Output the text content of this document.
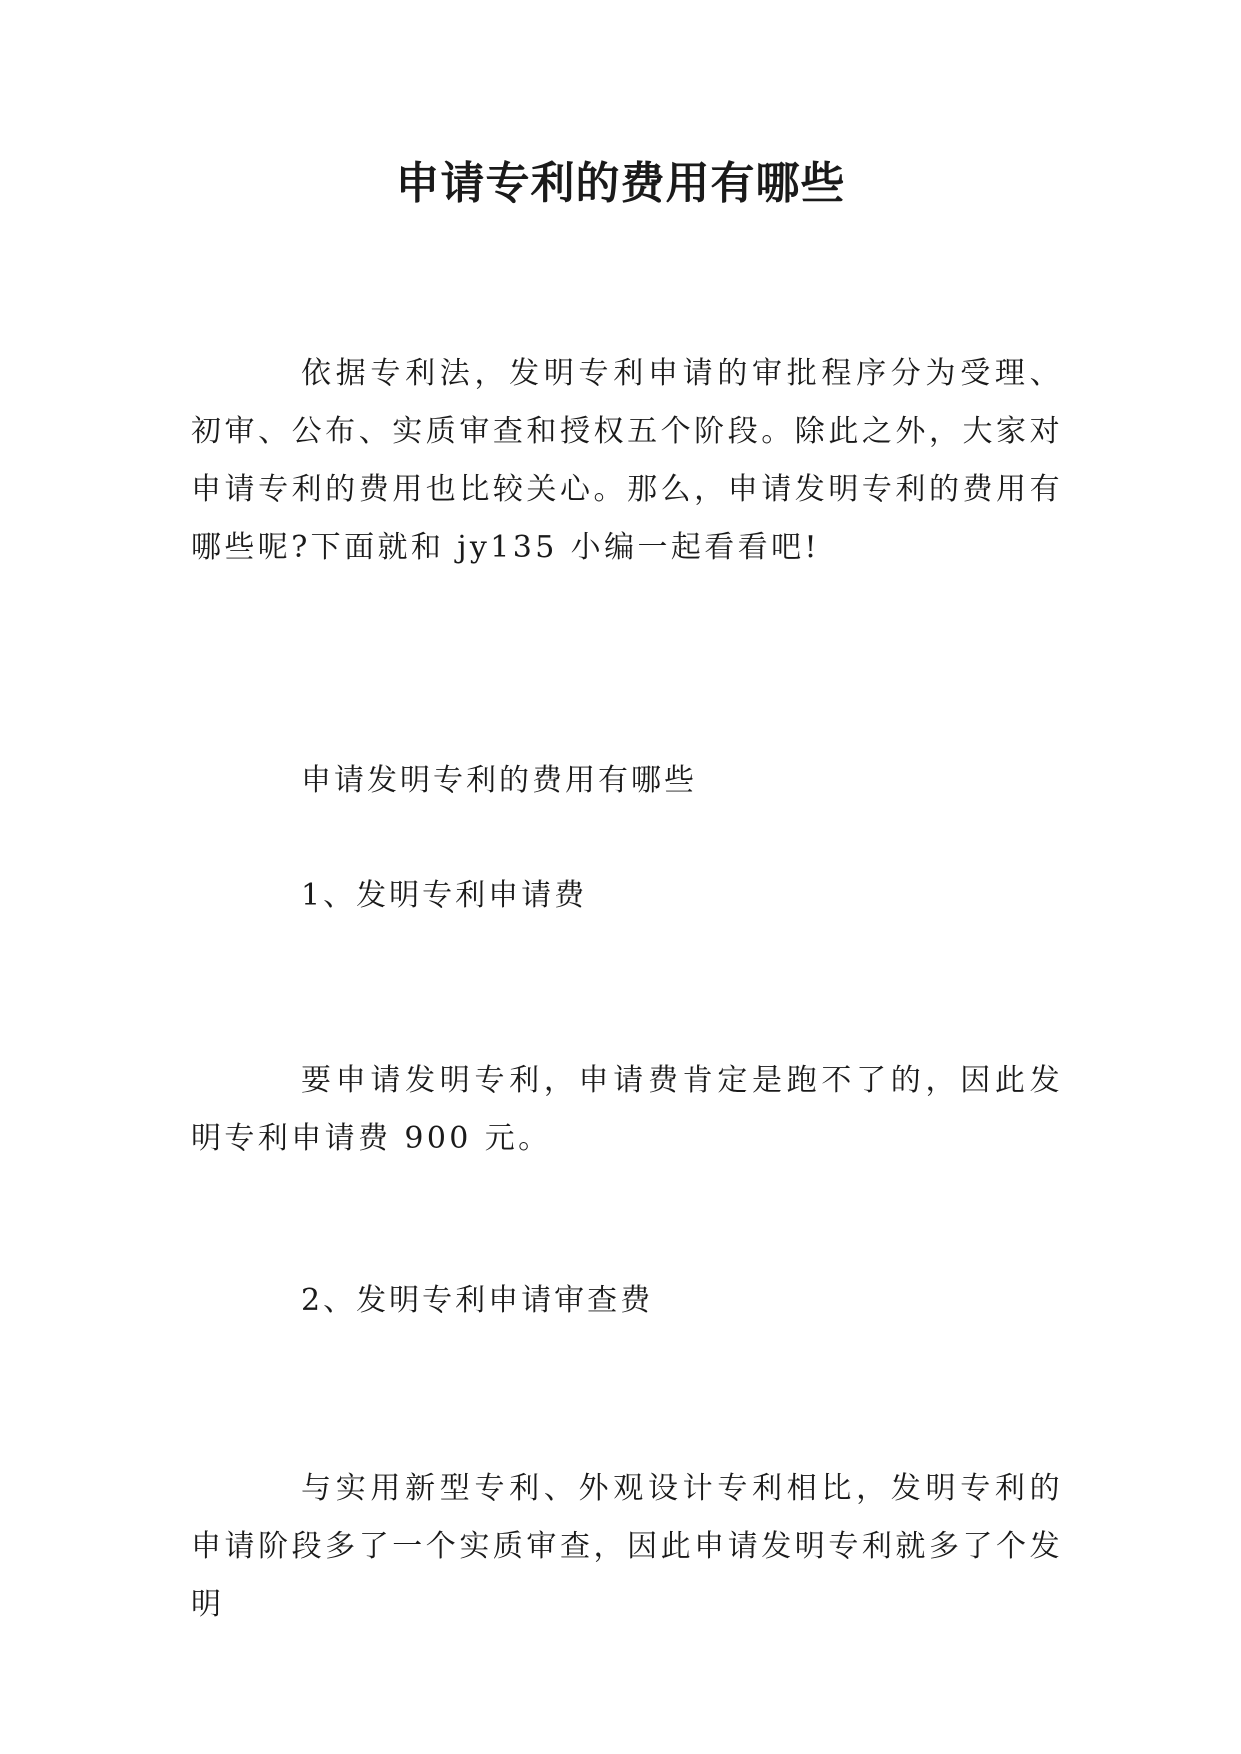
申请专利的费用有哪些

依据专利法，发明专利申请的审批程序分为受理、初审、公布、实质审查和授权五个阶段。除此之外，大家对申请专利的费用也比较关心。那么，申请发明专利的费用有哪些呢?下面就和 jy135 小编一起看看吧!

申请发明专利的费用有哪些

1、发明专利申请费

要申请发明专利，申请费肯定是跑不了的，因此发明专利申请费 900 元。

2、发明专利申请审查费

与实用新型专利、外观设计专利相比，发明专利的申请阶段多了一个实质审查，因此申请发明专利就多了个发明
